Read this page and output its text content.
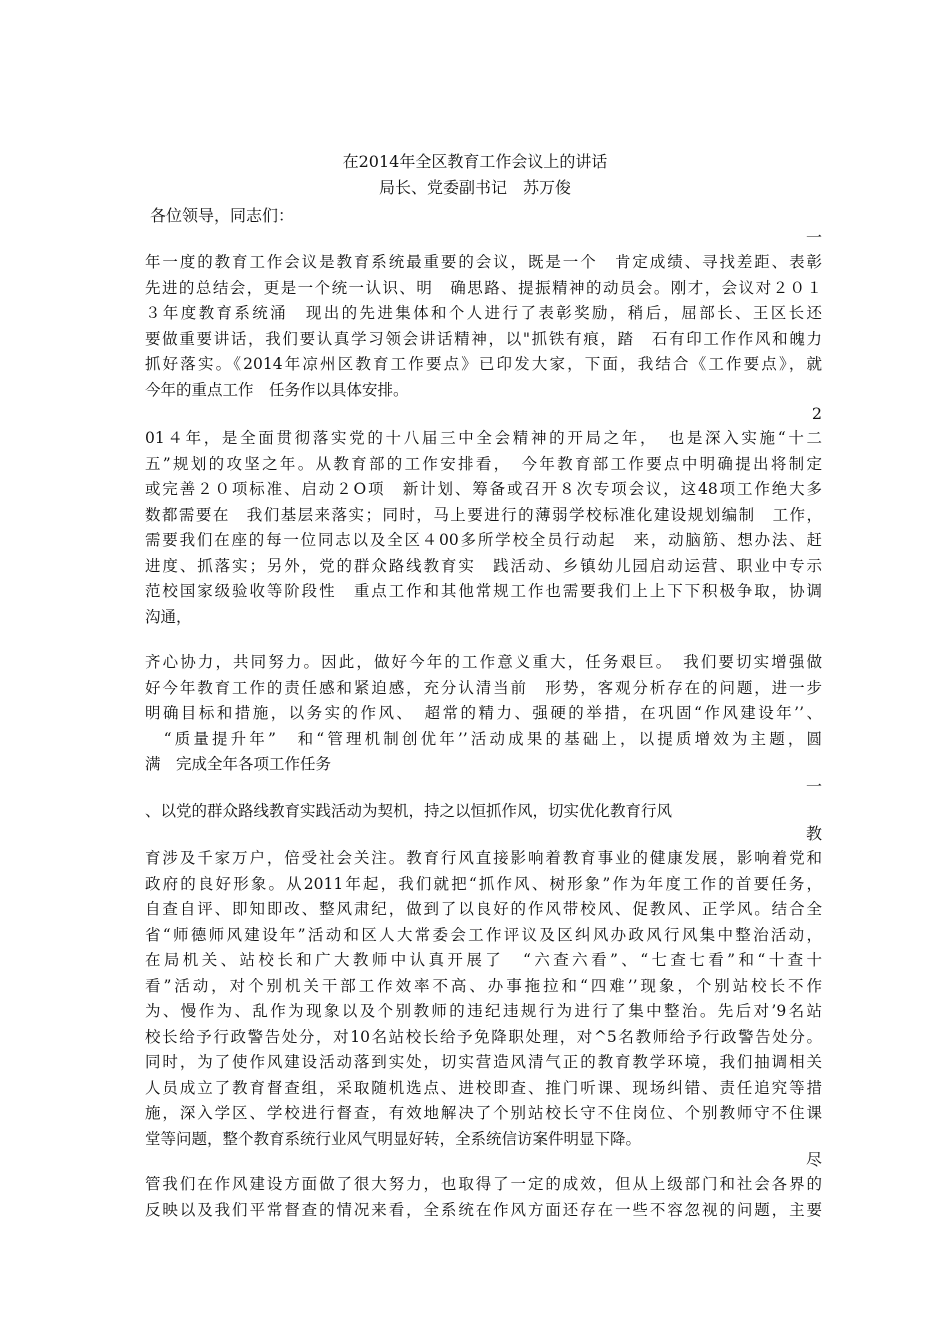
在2014年全区教育工作会议上的讲话
局长、党委副书记　苏万俊
各位领导，同志们：
一
年一度的教育工作会议是教育系统最重要的会议，既是一个　肯定成绩、寻找差距、表彰
先进的总结会，更是一个统一认识、明　确思路、提振精神的动员会。刚才，会议对２０１
３年度教育系统涌　现出的先进集体和个人进行了表彰奖励，稍后，屈部长、王区长还
要做重要讲话，我们要认真学习领会讲话精神，以"抓铁有痕，踏　石有印工作作风和魄力
抓好落实。《2014年凉州区教育工作要点》已印发大家，下面，我结合《工作要点》，就
今年的重点工作　任务作以具体安排。
2
01４年，是全面贯彻落实党的十八届三中全会精神的开局之年，　也是深入实施“十二
五”规划的攻坚之年。从教育部的工作安排看，　今年教育部工作要点中明确提出将制定
或完善２０项标准、启动２O项　新计划、筹备或召开８次专项会议，这48项工作绝大多
数都需要在　我们基层来落实；同时，马上要进行的薄弱学校标准化建设规划编制　工作，
需要我们在座的每一位同志以及全区４00多所学校全员行动起　来，动脑筋、想办法、赶
进度、抓落实；另外，党的群众路线教育实　践活动、乡镇幼儿园启动运营、职业中专示
范校国家级验收等阶段性　重点工作和其他常规工作也需要我们上上下下积极争取，协调
沟通，
齐心协力，共同努力。因此，做好今年的工作意义重大，任务艰巨。　我们要切实增强做
好今年教育工作的责任感和紧迫感，充分认清当前　形势，客观分析存在的问题，进一步
明确目标和措施，以务实的作风、　超常的精力、强硬的举措，在巩固“作风建设年’’、
　“质量提升年”　和“管理机制创优年’’活动成果的基础上，以提质增效为主题，圆
满　完成全年各项工作任务
一
、以党的群众路线教育实践活动为契机，持之以恒抓作风，切实优化教育行风
教
育涉及千家万户，倍受社会关注。教育行风直接影响着教育事业的健康发展，影响着党和
政府的良好形象。从2011年起，我们就把“抓作风、树形象”作为年度工作的首要任务，
自查自评、即知即改、整风肃纪，做到了以良好的作风带校风、促教风、正学风。结合全
省“师德师风建设年”活动和区人大常委会工作评议及区纠风办政风行风集中整治活动，
在局机关、站校长和广大教师中认真开展了　“六查六看”、“七查七看”和“十查十
看”活动，对个别机关干部工作效率不高、办事拖拉和“四难’’现象，个别站校长不作
为、慢作为、乱作为现象以及个别教师的违纪违规行为进行了集中整治。先后对’9名站
校长给予行政警告处分，对10名站校长给予免降职处理，对^5名教师给予行政警告处分。
同时，为了使作风建设活动落到实处，切实营造风清气正的教育教学环境，我们抽调相关
人员成立了教育督查组，采取随机选点、进校即查、推门听课、现场纠错、责任追究等措
施，深入学区、学校进行督查，有效地解决了个别站校长守不住岗位、个别教师守不住课
堂等问题，整个教育系统行业风气明显好转，全系统信访案件明显下降。
尽
管我们在作风建设方面做了很大努力，也取得了一定的成效，但从上级部门和社会各界的
反映以及我们平常督查的情况来看，全系统在作风方面还存在一些不容忽视的问题，主要
